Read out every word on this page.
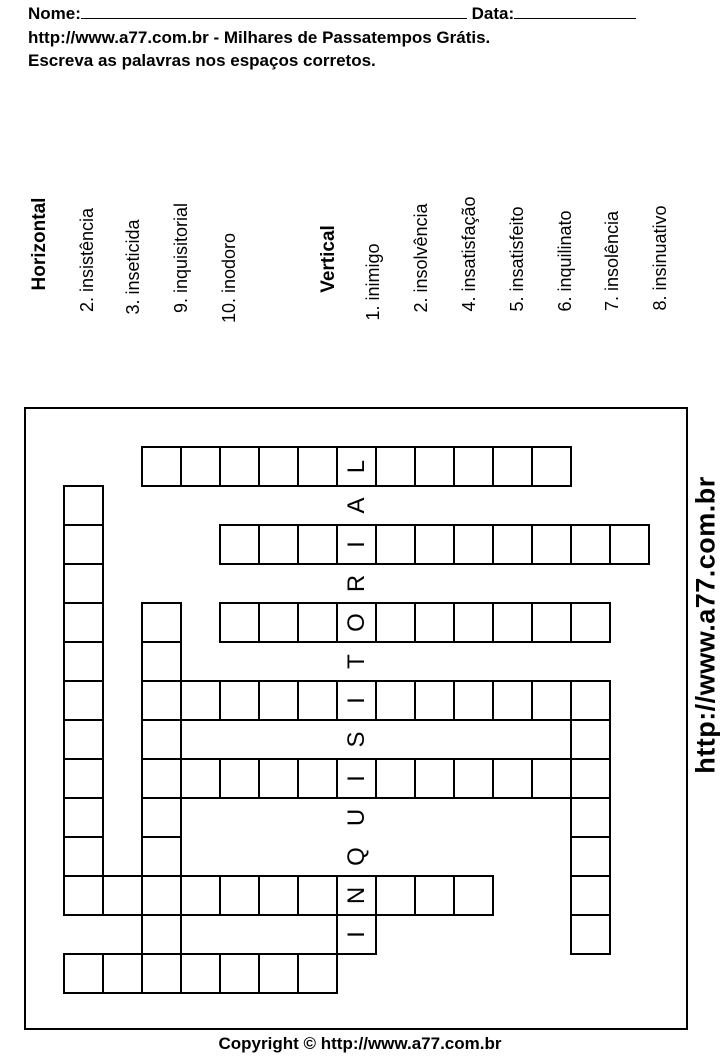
Nome:	Data:
http://www.a77.com.br - Milhares de Passatempos Grátis.
Escreva as palavras nos espaços corretos.
Horizontal 2. insistência 3. inseticida 9. inquisitorial 10. inodoro	Vertical 1. inimigo 2. insolvência 4. insatisfação 5. insatisfeito 6. inquilinato 7. insolência 8. insinuativo
http://www.a77.com.br
I
N
Q
U
I
S
I
T
O
R
I
A
L
Copyright © http://www.a77.com.br
